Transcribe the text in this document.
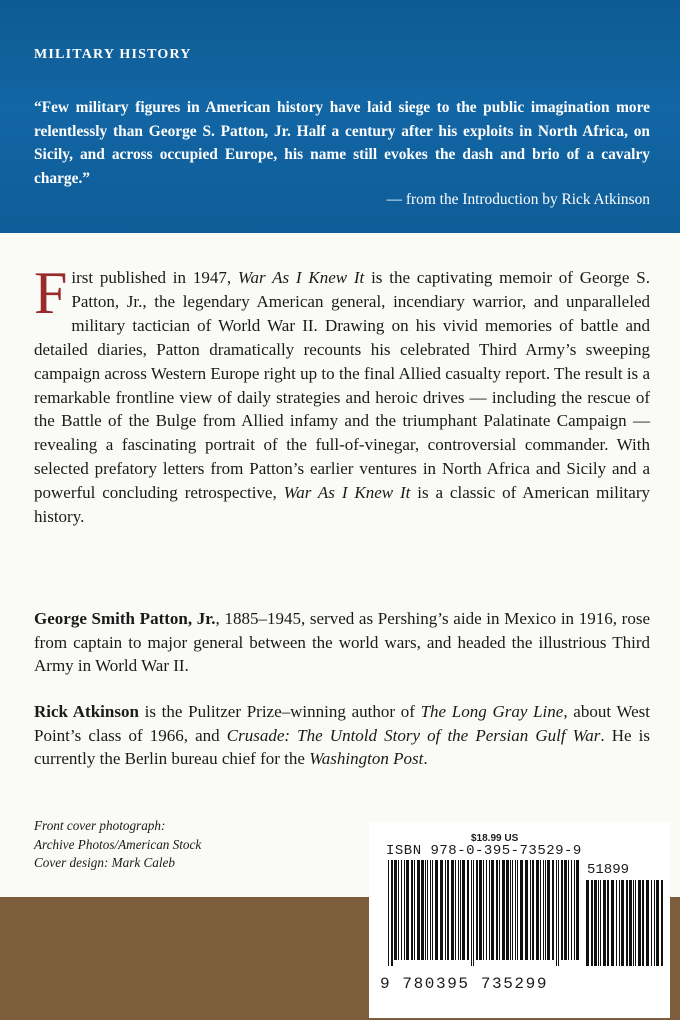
MILITARY HISTORY
“Few military figures in American history have laid siege to the public imagination more relentlessly than George S. Patton, Jr. Half a century after his exploits in North Africa, on Sicily, and across occupied Europe, his name still evokes the dash and brio of a cavalry charge.”
— from the Introduction by Rick Atkinson
First published in 1947, War As I Knew It is the captivating memoir of George S. Patton, Jr., the legendary American general, incendiary warrior, and unparalleled military tactician of World War II. Drawing on his vivid memories of battle and detailed diaries, Patton dramatically recounts his celebrated Third Army’s sweeping campaign across Western Europe right up to the final Allied casualty report. The result is a remarkable frontline view of daily strategies and heroic drives — including the rescue of the Battle of the Bulge from Allied infamy and the triumphant Palatinate Campaign — revealing a fascinating portrait of the full-of-vinegar, controversial commander. With selected prefatory letters from Patton’s earlier ventures in North Africa and Sicily and a powerful concluding retrospective, War As I Knew It is a classic of American military history.
George Smith Patton, Jr., 1885–1945, served as Pershing’s aide in Mexico in 1916, rose from captain to major general between the world wars, and headed the illustrious Third Army in World War II.
Rick Atkinson is the Pulitzer Prize–winning author of The Long Gray Line, about West Point’s class of 1966, and Crusade: The Untold Story of the Persian Gulf War. He is currently the Berlin bureau chief for the Washington Post.
Front cover photograph:
Archive Photos/American Stock
Cover design: Mark Caleb
$18.99 US
ISBN 978-0-395-73529-9
51899
9 780395 735299
